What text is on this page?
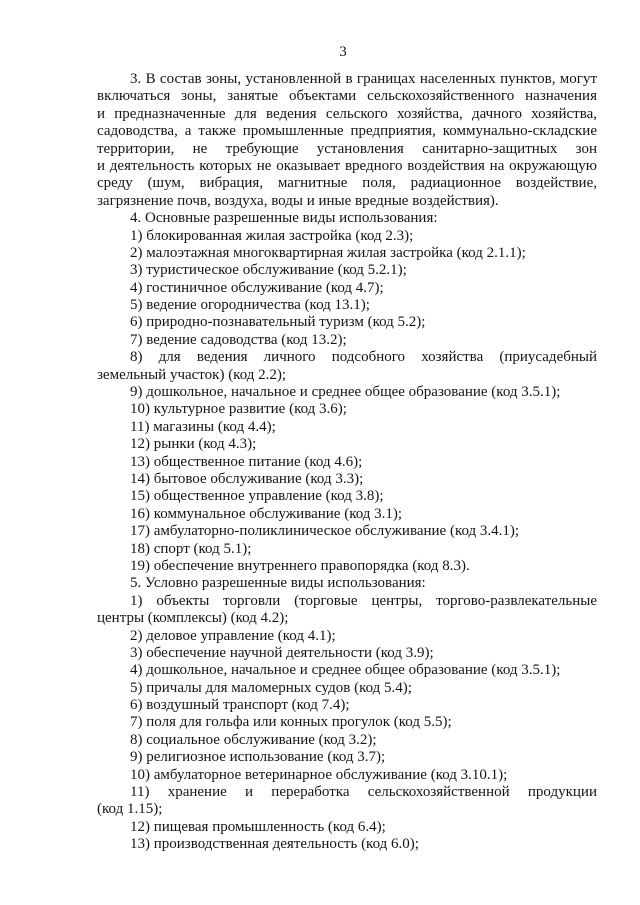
3
3. В состав зоны, установленной в границах населенных пунктов, могут
включаться зоны, занятые объектами сельскохозяйственного назначения
и предназначенные для ведения сельского хозяйства, дачного хозяйства,
садоводства, а также промышленные предприятия, коммунально-складские
территории, не требующие установления санитарно-защитных зон
и деятельность которых не оказывает вредного воздействия на окружающую
среду (шум, вибрация, магнитные поля, радиационное воздействие,
загрязнение почв, воздуха, воды и иные вредные воздействия).
4. Основные разрешенные виды использования:
1) блокированная жилая застройка (код 2.3);
2) малоэтажная многоквартирная жилая застройка (код 2.1.1);
3) туристическое обслуживание (код 5.2.1);
4) гостиничное обслуживание (код 4.7);
5) ведение огородничества (код 13.1);
6) природно-познавательный туризм (код 5.2);
7) ведение садоводства (код 13.2);
8) для ведения личного подсобного хозяйства (приусадебный
земельный участок) (код 2.2);
9) дошкольное, начальное и среднее общее образование (код 3.5.1);
10) культурное развитие (код 3.6);
11) магазины (код 4.4);
12) рынки (код 4.3);
13) общественное питание (код 4.6);
14) бытовое обслуживание (код 3.3);
15) общественное управление (код 3.8);
16) коммунальное обслуживание (код 3.1);
17) амбулаторно-поликлиническое обслуживание (код 3.4.1);
18) спорт (код 5.1);
19) обеспечение внутреннего правопорядка (код 8.3).
5. Условно разрешенные виды использования:
1) объекты торговли (торговые центры, торгово-развлекательные
центры (комплексы) (код 4.2);
2) деловое управление (код 4.1);
3) обеспечение научной деятельности (код 3.9);
4) дошкольное, начальное и среднее общее образование (код 3.5.1);
5) причалы для маломерных судов (код 5.4);
6) воздушный транспорт (код 7.4);
7) поля для гольфа или конных прогулок (код 5.5);
8) социальное обслуживание (код 3.2);
9) религиозное использование (код 3.7);
10) амбулаторное ветеринарное обслуживание (код 3.10.1);
11) хранение и переработка сельскохозяйственной продукции
(код 1.15);
12) пищевая промышленность (код 6.4);
13) производственная деятельность (код 6.0);
